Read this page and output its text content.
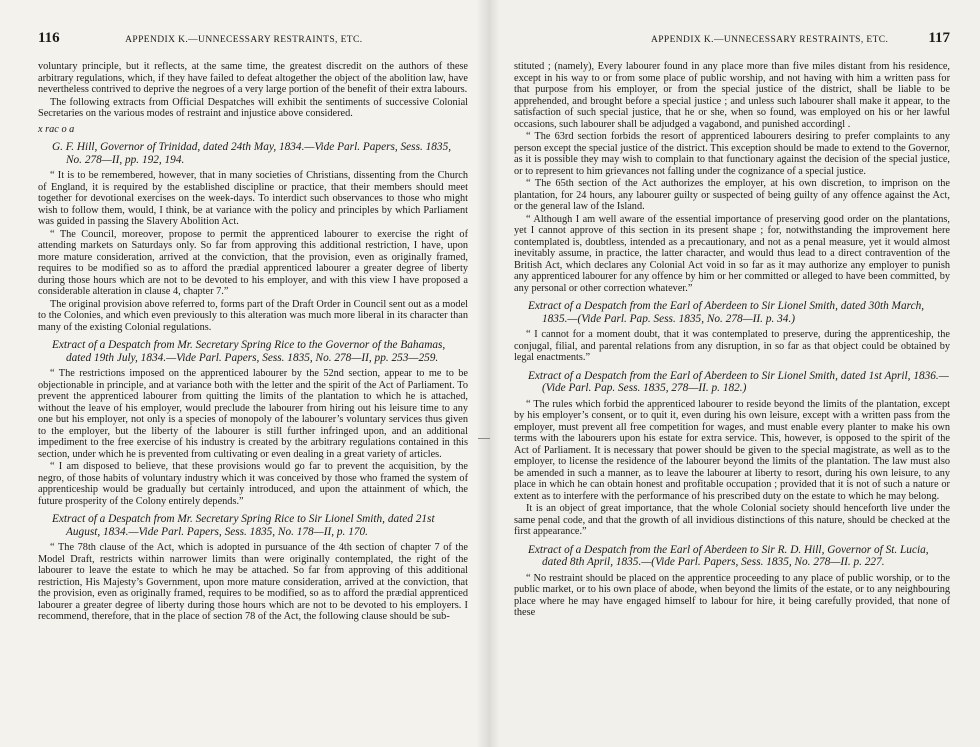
116	APPENDIX K.—UNNECESSARY RESTRAINTS, ETC.

voluntary principle, but it reflects, at the same time, the greatest discredit on the authors of these arbitrary regulations, which, if they have failed to defeat altogether the object of the abolition law, have nevertheless contrived to deprive the negroes of a very large portion of the benefit of their extra labours.

The following extracts from Official Despatches will exhibit the sentiments of successive Colonial Secretaries on the various modes of restraint and injustice above considered.

x rac o a

G. F. Hill, Governor of Trinidad, dated 24th May, 1834.—Vide Parl. Papers, Sess. 1835, No. 278—II, pp. 192, 194.

“ It is to be remembered, however, that in many societies of Christians, dissenting from the Church of England, it is required by the established discipline or practice, that their members should meet together for devotional exercises on the week-days. To interdict such observances to those who might wish to follow them, would, I think, be at variance with the policy and principles by which Parliament was guided in passing the Slavery Abolition Act.

“ The Council, moreover, propose to permit the apprenticed labourer to exercise the right of attending markets on Saturdays only. So far from approving this additional restriction, I have, upon more mature consideration, arrived at the conviction, that the provision, even as originally framed, requires to be modified so as to afford the prædial apprenticed labourer a greater degree of liberty during those hours which are not to be devoted to his employer, and with this view I have proposed a considerable alteration in clause 4, chapter 7.”

The original provision above referred to, forms part of the Draft Order in Council sent out as a model to the Colonies, and which even previously to this alteration was much more liberal in its character than many of the existing Colonial regulations.

Extract of a Despatch from Mr. Secretary Spring Rice to the Governor of the Bahamas, dated 19th July, 1834.—Vide Parl. Papers, Sess. 1835, No. 278—II, pp. 253—259.

“ The restrictions imposed on the apprenticed labourer by the 52nd section, appear to me to be objectionable in principle, and at variance both with the letter and the spirit of the Act of Parliament. To prevent the apprenticed labourer from quitting the limits of the plantation to which he is attached, without the leave of his employer, would preclude the labourer from hiring out his leisure time to any one but his employer, not only is a species of monopoly of the labourer’s voluntary services thus given to the employer, but the liberty of the labourer is still further infringed upon, and an additional impediment to the free exercise of his industry is created by the arbitrary regulations contained in this section, under which he is prevented from cultivating or even dealing in a great variety of articles.

“ I am disposed to believe, that these provisions would go far to prevent the acquisition, by the negro, of those habits of voluntary industry which it was conceived by those who framed the system of apprenticeship would be gradually but certainly introduced, and upon the attainment of which, the future prosperity of the Colony entirely depends.”

Extract of a Despatch from Mr. Secretary Spring Rice to Sir Lionel Smith, dated 21st August, 1834.—Vide Parl. Papers, Sess. 1835, No. 178—II, p. 170.

“ The 78th clause of the Act, which is adopted in pursuance of the 4th section of chapter 7 of the Model Draft, restricts within narrower limits than were originally contemplated, the right of the labourer to leave the estate to which he may be attached. So far from approving of this additional restriction, His Majesty’s Government, upon more mature consideration, arrived at the conviction, that the provision, even as originally framed, requires to be modified, so as to afford the prædial apprenticed labourer a greater degree of liberty during those hours which are not to be devoted to his employers. I recommend, therefore, that in the place of section 78 of the Act, the following clause should be sub-

APPENDIX K.—UNNECESSARY RESTRAINTS, ETC.	117

stituted ; (namely), Every labourer found in any place more than five miles distant from his residence, except in his way to or from some place of public worship, and not having with him a written pass for that purpose from his employer, or from the special justice of the district, shall be liable to be apprehended, and brought before a special justice ; and unless such labourer shall make it appear, to the satisfaction of such special justice, that he or she, when so found, was employed on his or her lawful occasions, such labourer shall be adjudged a vagabond, and punished accordingl .

“ The 63rd section forbids the resort of apprenticed labourers desiring to prefer complaints to any person except the special justice of the district. This exception should be made to extend to the Governor, as it is possible they may wish to complain to that functionary against the decision of the special justice, or to represent to him grievances not falling under the cognizance of a special justice.

“ The 65th section of the Act authorizes the employer, at his own discretion, to imprison on the plantation, for 24 hours, any labourer guilty or suspected of being guilty of any offence against the Act, or the general law of the Island.

“ Although I am well aware of the essential importance of preserving good order on the plantations, yet I cannot approve of this section in its present shape ; for, notwithstanding the improvement here contemplated is, doubtless, intended as a precautionary, and not as a penal measure, yet it would almost inevitably assume, in practice, the latter character, and would thus lead to a direct contravention of the British Act, which declares any Colonial Act void in so far as it may authorize any employer to punish any apprenticed labourer for any offence by him or her committed or alleged to have been committed, by any personal or other correction whatever.”

Extract of a Despatch from the Earl of Aberdeen to Sir Lionel Smith, dated 30th March, 1835.—(Vide Parl. Pap. Sess. 1835, No. 278—II. p. 34.)

“ I cannot for a moment doubt, that it was contemplated to preserve, during the apprenticeship, the conjugal, filial, and parental relations from any disruption, in so far as that object could be obtained by legal enactments.”

Extract of a Despatch from the Earl of Aberdeen to Sir Lionel Smith, dated 1st April, 1836.—(Vide Parl. Pap. Sess. 1835, 278—II. p. 182.)

“ The rules which forbid the apprenticed labourer to reside beyond the limits of the plantation, except by his employer’s consent, or to quit it, even during his own leisure, except with a written pass from the employer, must prevent all free competition for wages, and must enable every planter to make his own terms with the labourers upon his estate for extra service. This, however, is opposed to the spirit of the Act of Parliament. It is necessary that power should be given to the special magistrate, as well as to the employer, to license the residence of the labourer beyond the limits of the plantation. The law must also be amended in such a manner, as to leave the labourer at liberty to resort, during his own leisure, to any place in which he can obtain honest and profitable occupation ; provided that it is not of such a nature or extent as to interfere with the performance of his prescribed duty on the estate to which he may belong.

It is an object of great importance, that the whole Colonial society should henceforth live under the same penal code, and that the growth of all invidious distinctions of this nature, should be checked at the first appearance.”

Extract of a Despatch from the Earl of Aberdeen to Sir R. D. Hill, Governor of St. Lucia, dated 8th April, 1835.—(Vide Parl. Papers, Sess. 1835, No. 278—II. p. 227.

“ No restraint should be placed on the apprentice proceeding to any place of public worship, or to the public market, or to his own place of abode, when beyond the limits of the estate, or to any neighbouring place where he may have engaged himself to labour for hire, it being carefully provided, that none of these
